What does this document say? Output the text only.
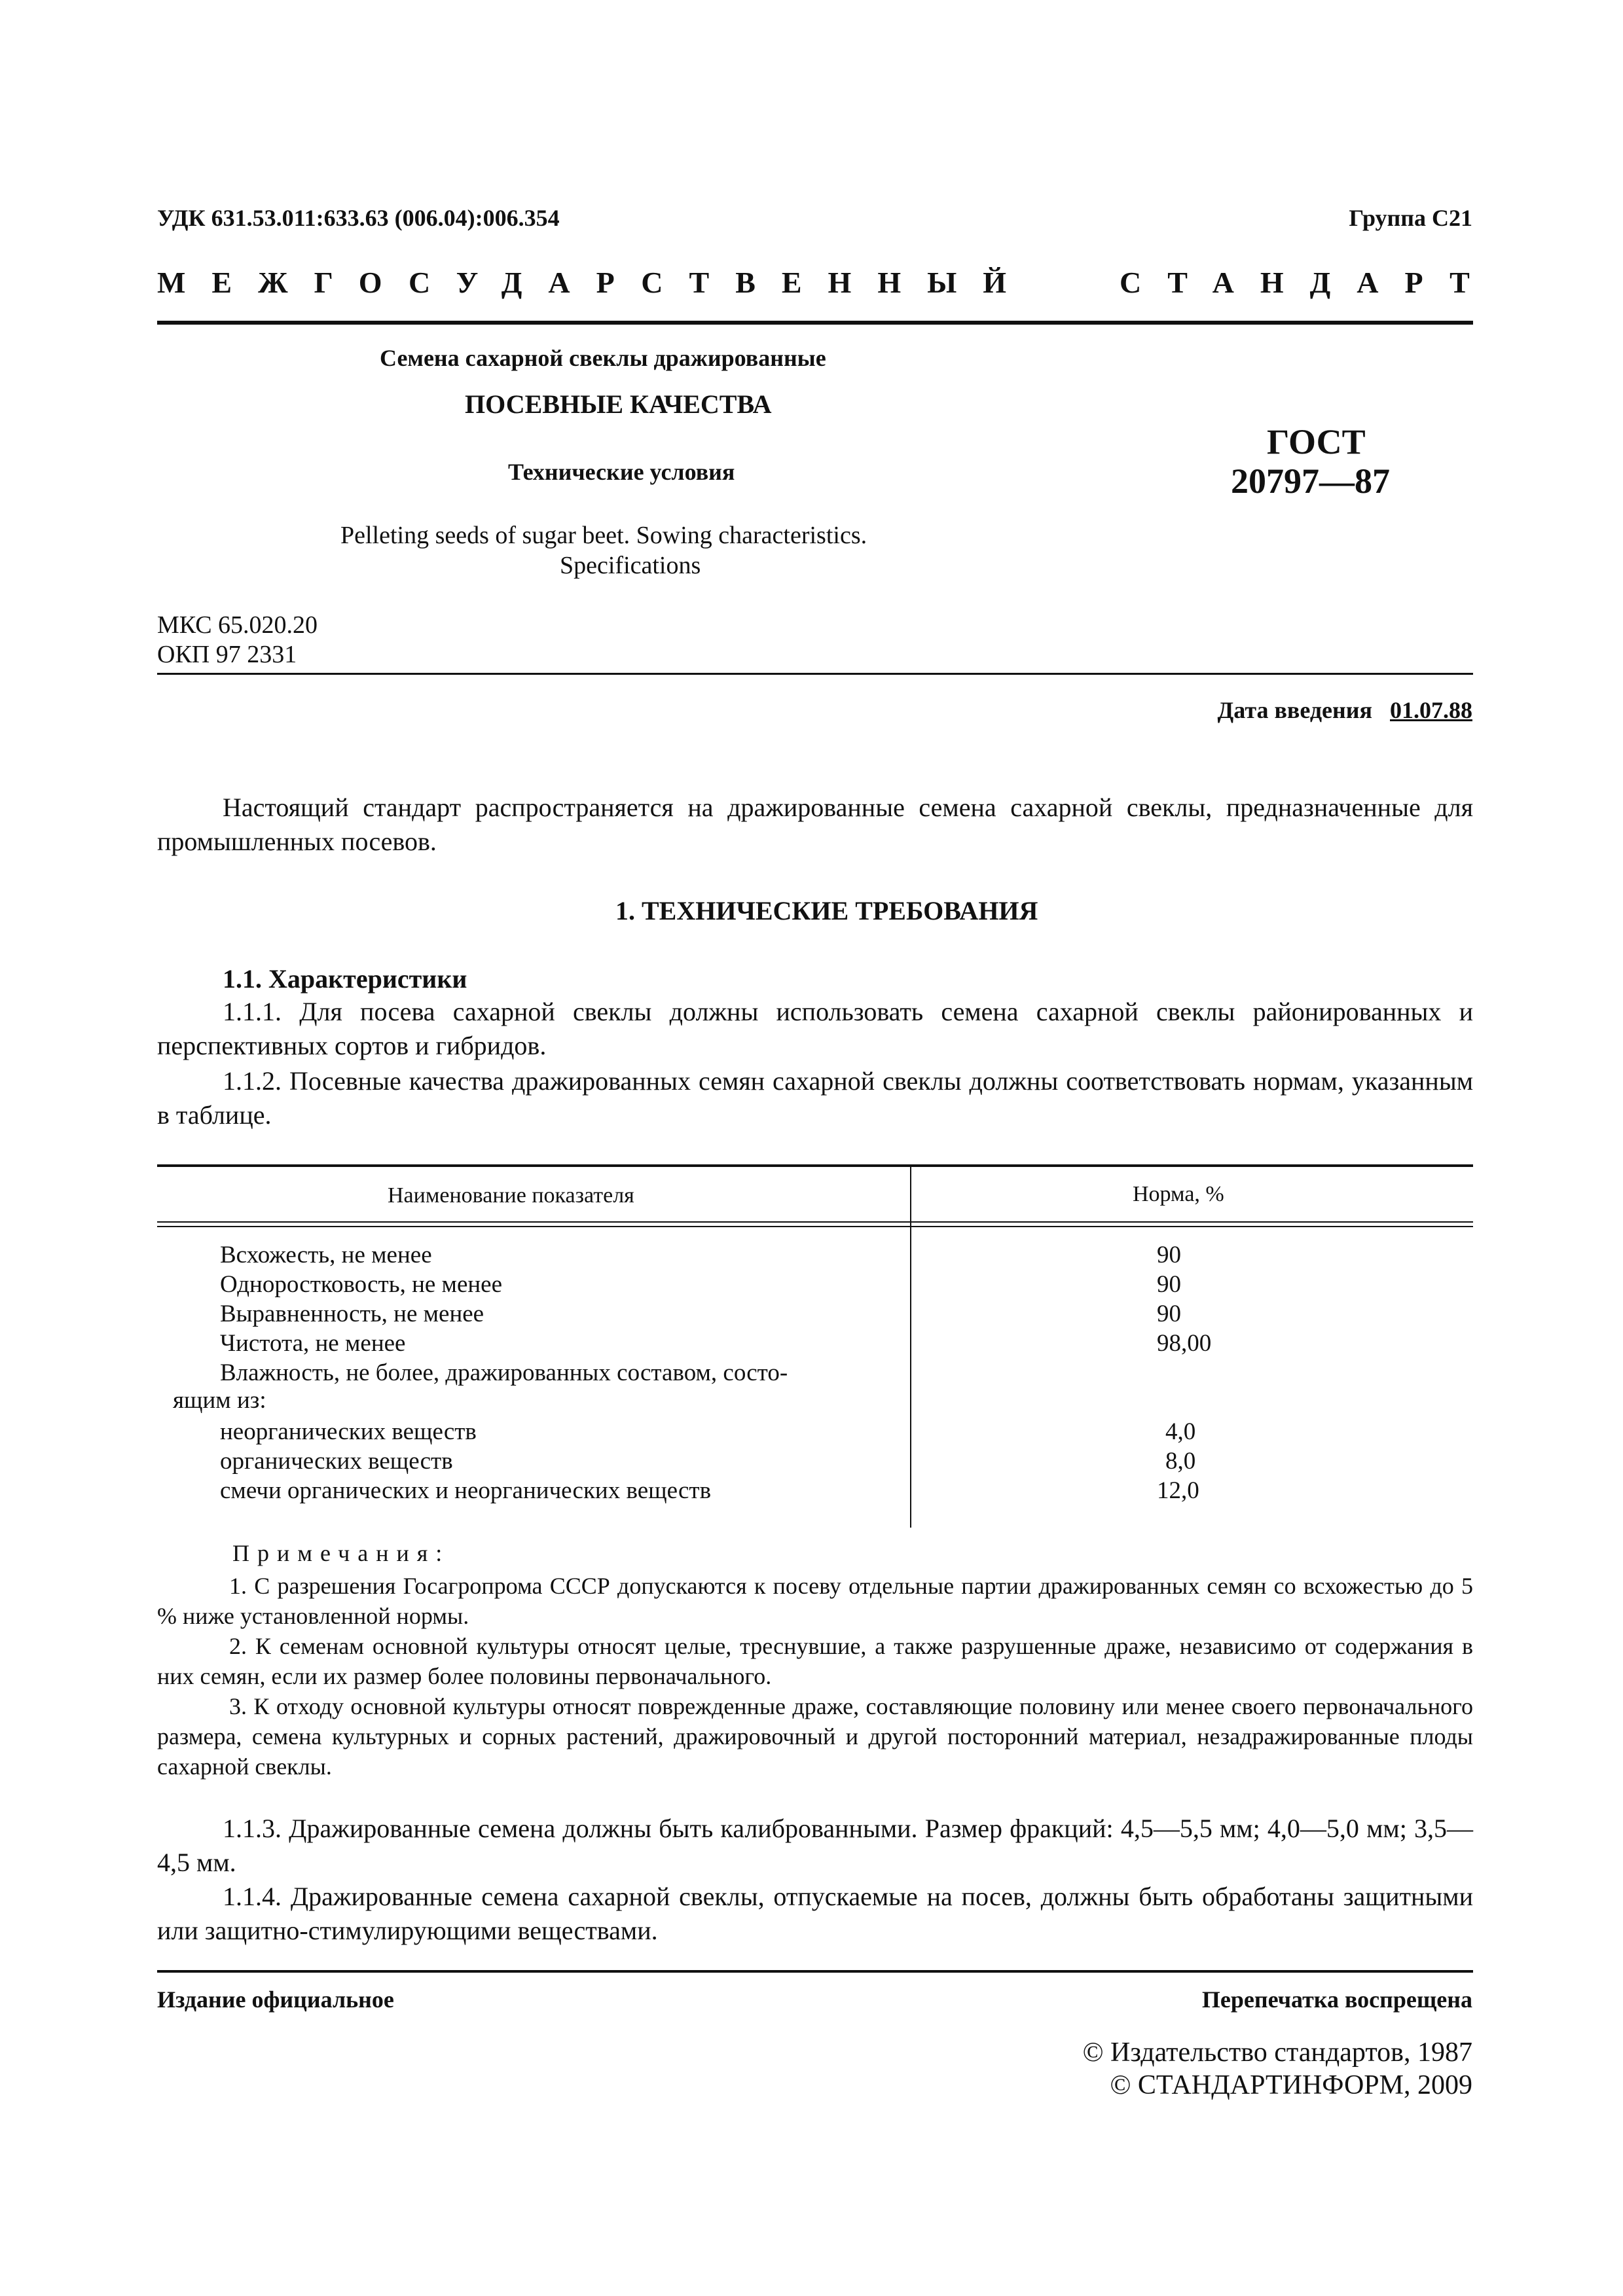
УДК 631.53.011:633.63 (006.04):006.354	Группа С21
МЕЖГОСУДАРСТВЕННЫЙ	СТАНДАРТ
Семена сахарной свеклы дражированные
ПОСЕВНЫЕ КАЧЕСТВА
Технические условия
Pelleting seeds of sugar beet. Sowing characteristics.
Specifications
ГОСТ
20797—87
МКС 65.020.20
ОКП 97 2331
Дата введения 01.07.88
Настоящий стандарт распространяется на дражированные семена сахарной свеклы, предназначенные для промышленных посевов.
1. ТЕХНИЧЕСКИЕ ТРЕБОВАНИЯ
1.1. Характеристики
1.1.1. Для посева сахарной свеклы должны использовать семена сахарной свеклы районированных и перспективных сортов и гибридов.
1.1.2. Посевные качества дражированных семян сахарной свеклы должны соответствовать нормам, указанным в таблице.
Наименование показателя	Норма, %
Всхожесть, не менее	90
Одноростковость, не менее	90
Выравненность, не менее	90
Чистота, не менее	98,00
Влажность, не более, дражированных составом, состо-
ящим из:
неорганических веществ	4,0
органических веществ	8,0
смечи органических и неорганических веществ	12,0
Примечания:
1. С разрешения Госагропрома СССР допускаются к посеву отдельные партии дражированных семян со всхожестью до 5 % ниже установленной нормы.
2. К семенам основной культуры относят целые, треснувшие, а также разрушенные драже, независимо от содержания в них семян, если их размер более половины первоначального.
3. К отходу основной культуры относят поврежденные драже, составляющие половину или менее своего первоначального размера, семена культурных и сорных растений, дражировочный и другой посторонний материал, незадражированные плоды сахарной свеклы.
1.1.3. Дражированные семена должны быть калиброванными. Размер фракций: 4,5—5,5 мм; 4,0—5,0 мм; 3,5—4,5 мм.
1.1.4. Дражированные семена сахарной свеклы, отпускаемые на посев, должны быть обработаны защитными или защитно-стимулирующими веществами.
Издание официальное	Перепечатка воспрещена
© Издательство стандартов, 1987
© СТАНДАРТИНФОРМ, 2009
